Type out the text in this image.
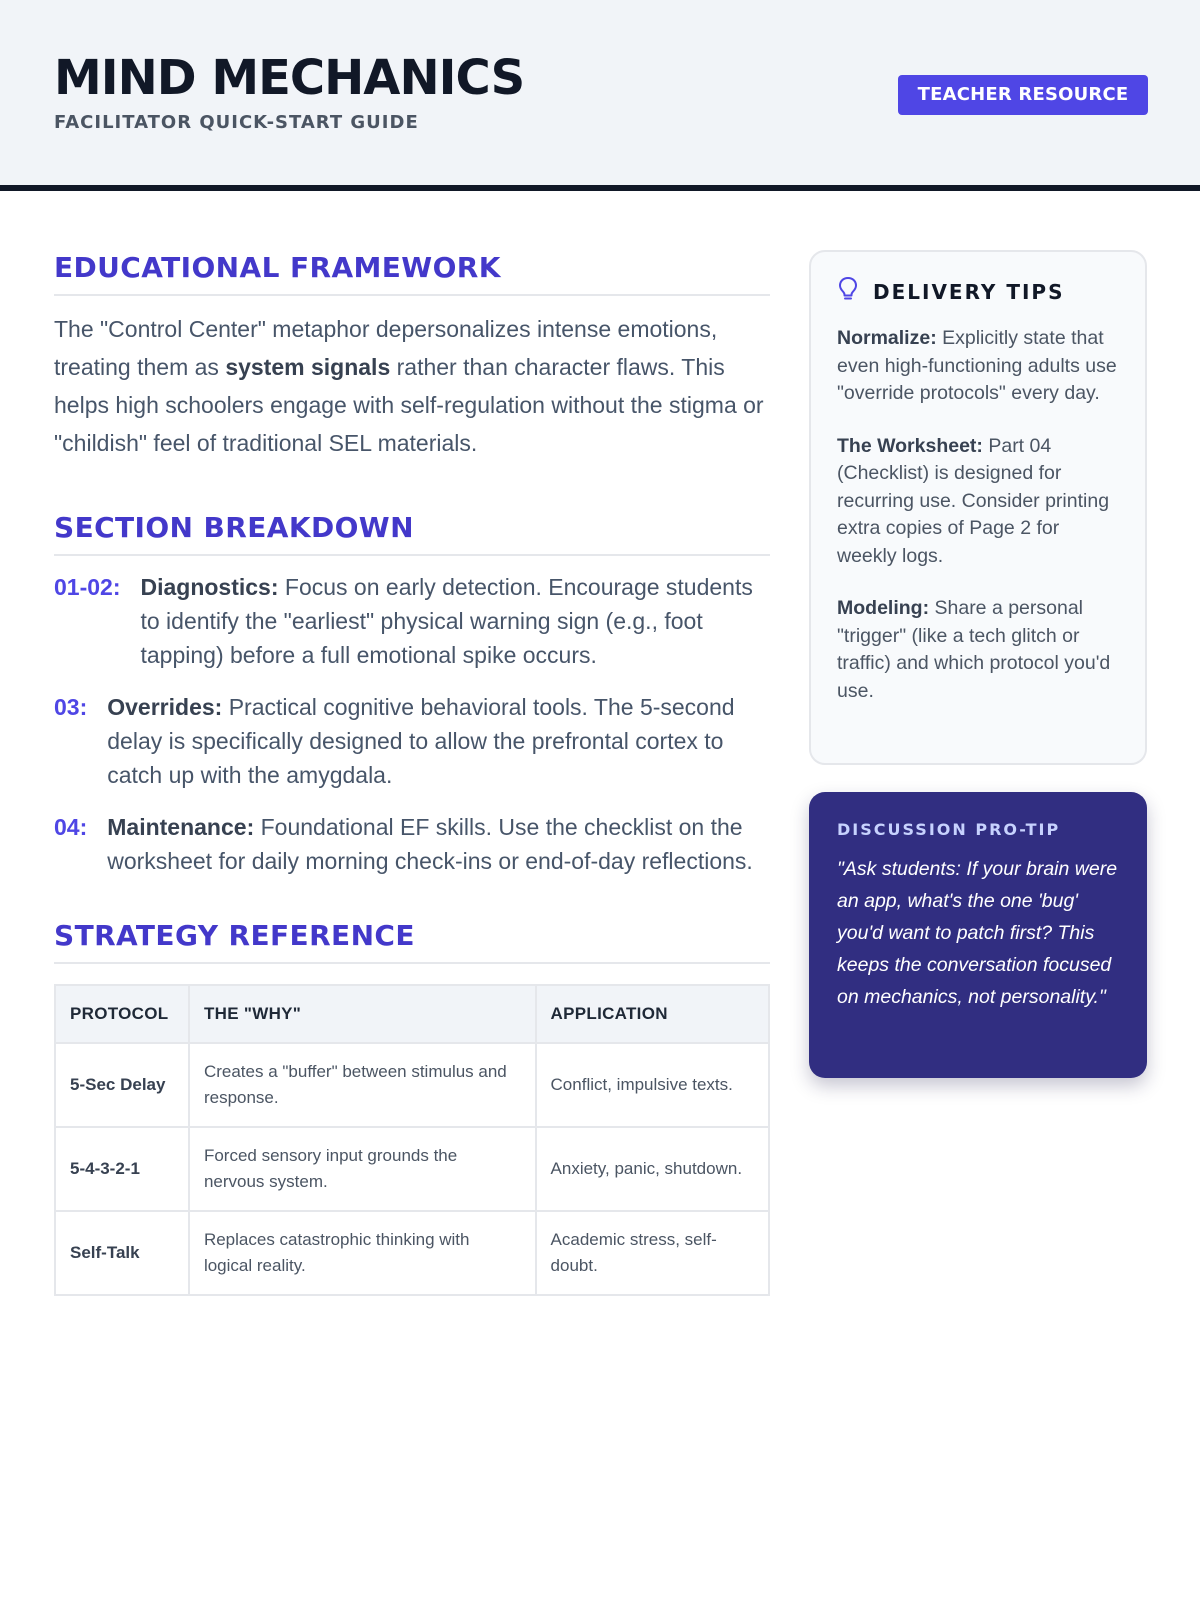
MIND MECHANICS
FACILITATOR QUICK-START GUIDE
TEACHER RESOURCE
EDUCATIONAL FRAMEWORK

The "Control Center" metaphor depersonalizes intense emotions, treating them as system signals rather than character flaws. This helps high schoolers engage with self-regulation without the stigma or "childish" feel of traditional SEL materials.

SECTION BREAKDOWN
01-02: Diagnostics: Focus on early detection. Encourage students to identify the "earliest" physical warning sign (e.g., foot tapping) before a full emotional spike occurs.
03: Overrides: Practical cognitive behavioral tools. The 5-second delay is specifically designed to allow the prefrontal cortex to catch up with the amygdala.
04: Maintenance: Foundational EF skills. Use the checklist on the worksheet for daily morning check-ins or end-of-day reflections.
STRATEGY REFERENCE
PROTOCOL	THE "WHY"	APPLICATION
5-Sec Delay	Creates a "buffer" between stimulus and response.	Conflict, impulsive texts.
5-4-3-2-1	Forced sensory input grounds the nervous system.	Anxiety, panic, shutdown.
Self-Talk	Replaces catastrophic thinking with logical reality.	Academic stress, self-doubt.
DELIVERY TIPS

Normalize: Explicitly state that even high-functioning adults use "override protocols" every day.

The Worksheet: Part 04 (Checklist) is designed for recurring use. Consider printing extra copies of Page 2 for weekly logs.

Modeling: Share a personal "trigger" (like a tech glitch or traffic) and which protocol you'd use.

DISCUSSION PRO-TIP

"Ask students: If your brain were an app, what's the one 'bug' you'd want to patch first? This keeps the conversation focused on mechanics, not personality."
